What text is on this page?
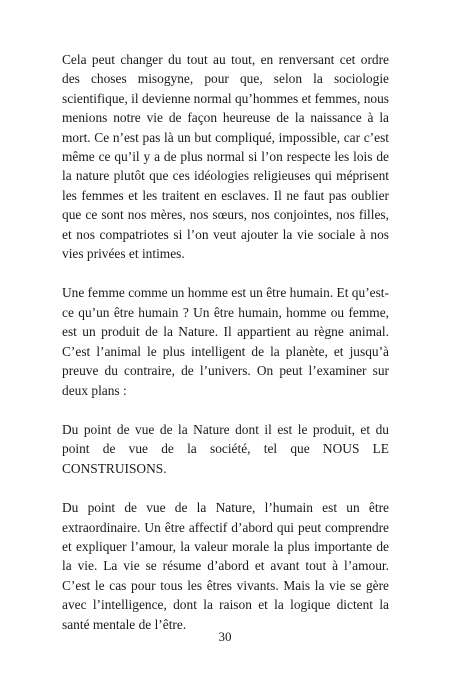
Cela peut changer du tout au tout, en renversant cet ordre des choses misogyne, pour que, selon la sociologie scientifique, il devienne normal qu’hommes et femmes, nous menions notre vie de façon heureuse de la naissance à la mort. Ce n’est pas là un but compliqué, impossible, car c’est même ce qu’il y a de plus normal si l’on respecte les lois de la nature plutôt que ces idéologies religieuses qui méprisent les femmes et les traitent en esclaves. Il ne faut pas oublier que ce sont nos mères, nos sœurs, nos conjointes, nos filles, et nos compatriotes si l’on veut ajouter la vie sociale à nos vies privées et intimes.

Une femme comme un homme est un être humain. Et qu’est-ce qu’un être humain ? Un être humain, homme ou femme, est un produit de la Nature. Il appartient au règne animal. C’est l’animal le plus intelligent de la planète, et jusqu’à preuve du contraire, de l’univers. On peut l’examiner sur deux plans :

Du point de vue de la Nature dont il est le produit, et du point de vue de la société, tel que NOUS LE CONSTRUISONS.

Du point de vue de la Nature, l’humain est un être extraordinaire. Un être affectif d’abord qui peut comprendre et expliquer l’amour, la valeur morale la plus importante de la vie. La vie se résume d’abord et avant tout à l’amour. C’est le cas pour tous les êtres vivants. Mais la vie se gère avec l’intelligence, dont la raison et la logique dictent la santé mentale de l’être.

30
